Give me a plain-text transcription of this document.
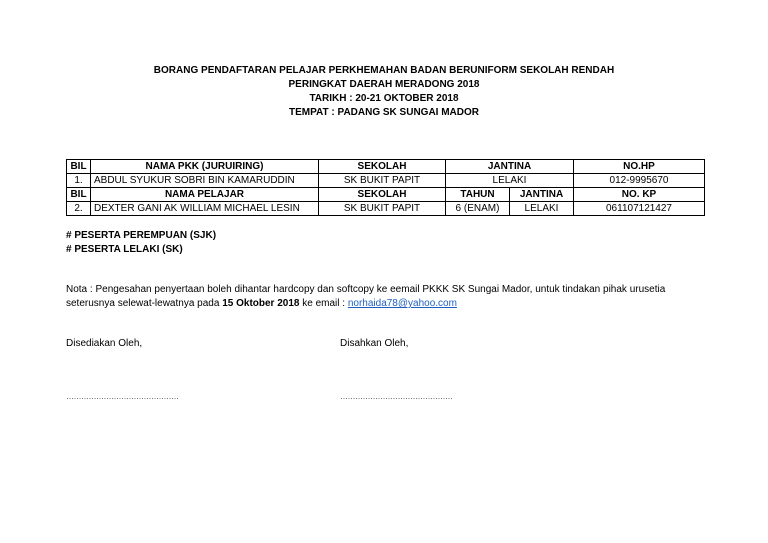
BORANG PENDAFTARAN PELAJAR PERKHEMAHAN BADAN BERUNIFORM SEKOLAH RENDAH
PERINGKAT DAERAH MERADONG 2018
TARIKH : 20-21 OKTOBER 2018
TEMPAT : PADANG SK SUNGAI MADOR
BIL	NAMA PKK (JURUIRING)	SEKOLAH	JANTINA		NO.HP
1.	ABDUL SYUKUR SOBRI BIN KAMARUDDIN	SK BUKIT PAPIT	LELAKI		012-9995670
BIL	NAMA PELAJAR	SEKOLAH	TAHUN	JANTINA	NO. KP
2.	DEXTER GANI AK WILLIAM MICHAEL LESIN	SK BUKIT PAPIT	6 (ENAM)	LELAKI	061107121427
# PESERTA PEREMPUAN (SJK)
# PESERTA LELAKI (SK)
Nota : Pengesahan penyertaan boleh dihantar hardcopy dan softcopy ke eemail PKKK SK Sungai Mador, untuk tindakan pihak urusetia seterusnya selewat-lewatnya pada 15 Oktober 2018 ke email : norhaida78@yahoo.com
Disediakan Oleh,	Disahkan Oleh,
………………………………………	………………………………………
